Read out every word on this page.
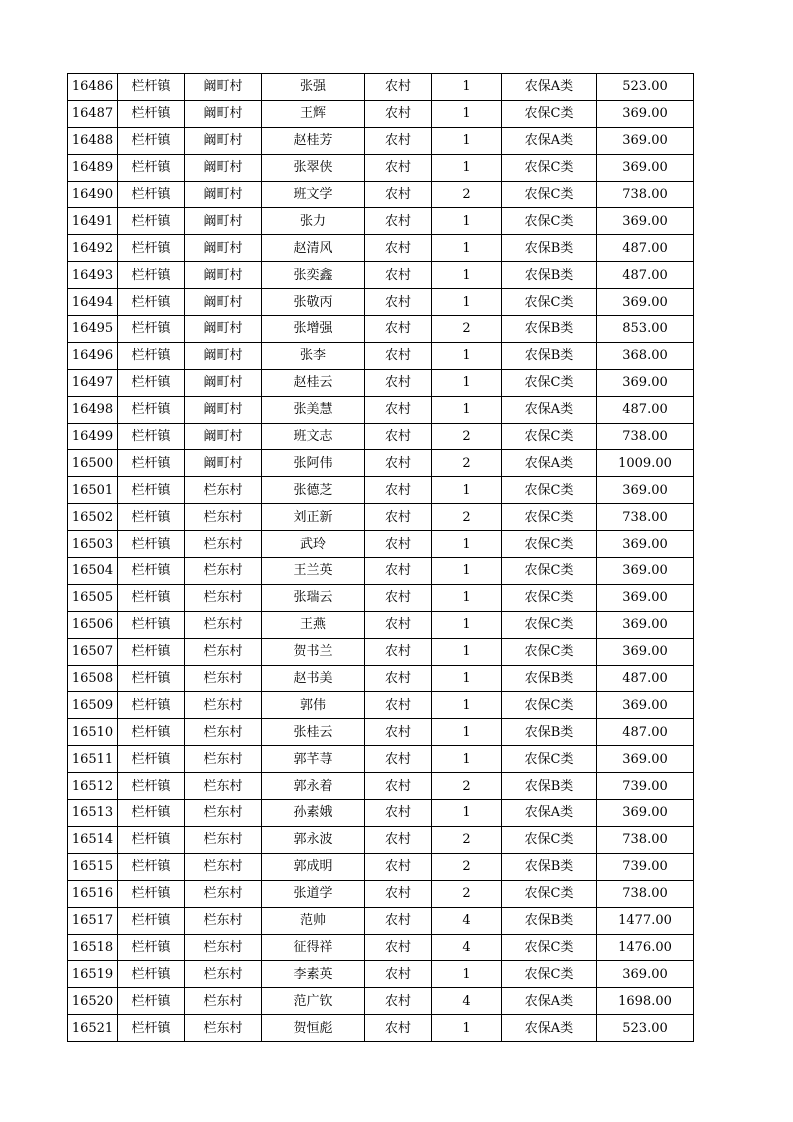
16486	栏杆镇	阚町村	张强	农村	1	农保A类	523.00
16487	栏杆镇	阚町村	王辉	农村	1	农保C类	369.00
16488	栏杆镇	阚町村	赵桂芳	农村	1	农保A类	369.00
16489	栏杆镇	阚町村	张翠侠	农村	1	农保C类	369.00
16490	栏杆镇	阚町村	班文学	农村	2	农保C类	738.00
16491	栏杆镇	阚町村	张力	农村	1	农保C类	369.00
16492	栏杆镇	阚町村	赵清风	农村	1	农保B类	487.00
16493	栏杆镇	阚町村	张奕鑫	农村	1	农保B类	487.00
16494	栏杆镇	阚町村	张敬丙	农村	1	农保C类	369.00
16495	栏杆镇	阚町村	张增强	农村	2	农保B类	853.00
16496	栏杆镇	阚町村	张李	农村	1	农保B类	368.00
16497	栏杆镇	阚町村	赵桂云	农村	1	农保C类	369.00
16498	栏杆镇	阚町村	张美慧	农村	1	农保A类	487.00
16499	栏杆镇	阚町村	班文志	农村	2	农保C类	738.00
16500	栏杆镇	阚町村	张阿伟	农村	2	农保A类	1009.00
16501	栏杆镇	栏东村	张德芝	农村	1	农保C类	369.00
16502	栏杆镇	栏东村	刘正新	农村	2	农保C类	738.00
16503	栏杆镇	栏东村	武玲	农村	1	农保C类	369.00
16504	栏杆镇	栏东村	王兰英	农村	1	农保C类	369.00
16505	栏杆镇	栏东村	张瑞云	农村	1	农保C类	369.00
16506	栏杆镇	栏东村	王燕	农村	1	农保C类	369.00
16507	栏杆镇	栏东村	贺书兰	农村	1	农保C类	369.00
16508	栏杆镇	栏东村	赵书美	农村	1	农保B类	487.00
16509	栏杆镇	栏东村	郭伟	农村	1	农保C类	369.00
16510	栏杆镇	栏东村	张桂云	农村	1	农保B类	487.00
16511	栏杆镇	栏东村	郭芊荨	农村	1	农保C类	369.00
16512	栏杆镇	栏东村	郭永着	农村	2	农保B类	739.00
16513	栏杆镇	栏东村	孙素娥	农村	1	农保A类	369.00
16514	栏杆镇	栏东村	郭永波	农村	2	农保C类	738.00
16515	栏杆镇	栏东村	郭成明	农村	2	农保B类	739.00
16516	栏杆镇	栏东村	张道学	农村	2	农保C类	738.00
16517	栏杆镇	栏东村	范帅	农村	4	农保B类	1477.00
16518	栏杆镇	栏东村	征得祥	农村	4	农保C类	1476.00
16519	栏杆镇	栏东村	李素英	农村	1	农保C类	369.00
16520	栏杆镇	栏东村	范广钦	农村	4	农保A类	1698.00
16521	栏杆镇	栏东村	贺恒彪	农村	1	农保A类	523.00
